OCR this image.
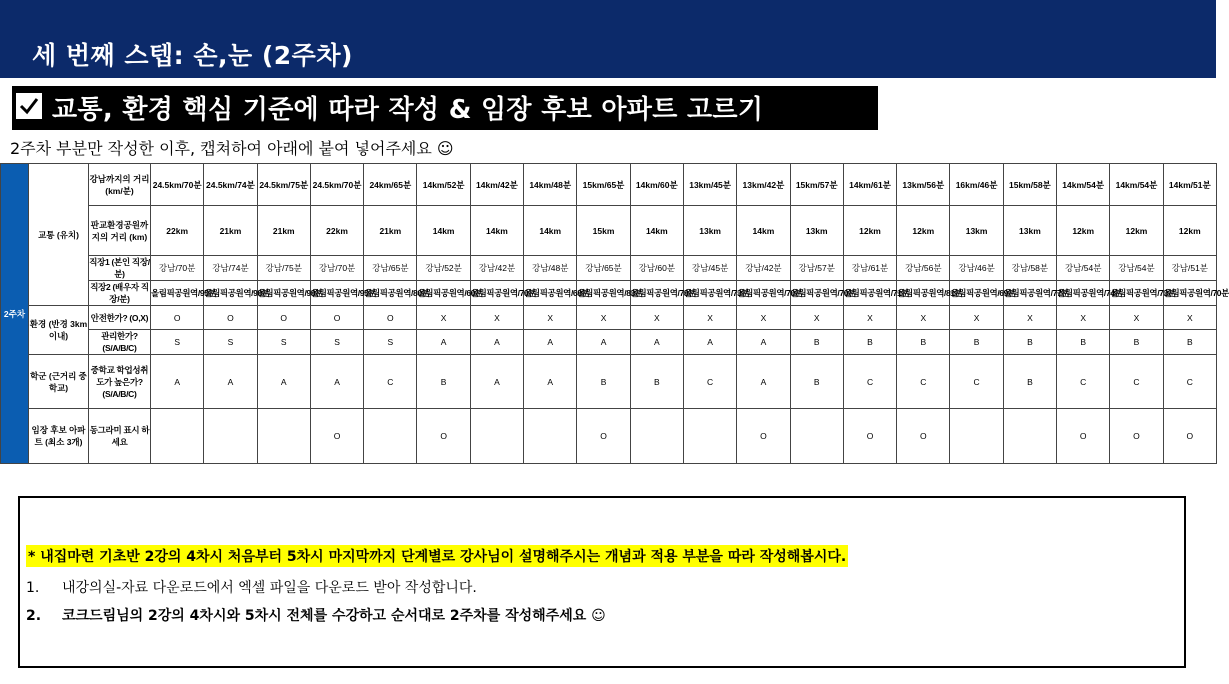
세 번째 스텝: 손,눈 (2주차)
교통, 환경 핵심 기준에 따라 작성 & 임장 후보 아파트 고르기
2주차 부분만 작성한 이후, 캡쳐하여 아래에 붙여 넣어주세요 ☺
2주차	교통 (유치)	강남까지의 거리 (km/분)	24.5km/70분	24.5km/74분	24.5km/75분	24.5km/70분	24km/65분	14km/52분	14km/42분	14km/48분	15km/65분	14km/60분	13km/45분	13km/42분	15km/57분	14km/61분	13km/56분	16km/46분	15km/58분	14km/54분	14km/54분	14km/51분
		판교환경공원까지의 거리 (km)	22km	21km	21km	22km	21km	14km	14km	14km	15km	14km	13km	14km	13km	12km	12km	13km	13km	12km	12km	12km
		직장1 (본인 직장/분)	강남/70분	강남/74분	강남/75분	강남/70분	강남/65분	강남/52분	강남/42분	강남/48분	강남/65분	강남/60분	강남/45분	강남/42분	강남/57분	강남/61분	강남/56분	강남/46분	강남/58분	강남/54분	강남/54분	강남/51분
		직장2 (배우자 직장/분)	올림픽공원역/95분	올림픽공원역/98분	올림픽공원역/98분	올림픽공원역/95분	올림픽공원역/80분	올림픽공원역/60분	올림픽공원역/70분	올림픽공원역/68분	올림픽공원역/83분	올림픽공원역/78분	올림픽공원역/73분	올림픽공원역/70분	올림픽공원역/70분	올림픽공원역/71분	올림픽공원역/81분	올림픽공원역/69분	올림픽공원역/77분	올림픽공원역/74분	올림픽공원역/73분	올림픽공원역/70분
	환경 (반경 3km이내)	안전한가? (O,X)	O	O	O	O	O	X	X	X	X	X	X	X	X	X	X	X	X	X	X	X
		관리한가? (S/A/B/C)	S	S	S	S	S	A	A	A	A	A	A	A	B	B	B	B	B	B	B	B
	학군 (근거리 중학교)	중학교 학업성취도가 높은가? (S/A/B/C)	A	A	A	A	C	B	A	A	B	B	C	A	B	C	C	C	B	C	C	C
	임장 후보 아파트 (최소 3개)	동그라미 표시 하세요				O		O			O			O		O	O			O	O	O
* 내집마련 기초반 2강의 4차시 처음부터 5차시 마지막까지 단계별로 강사님이 설명해주시는 개념과 적용 부분을 따라 작성해봅시다.
1. 내강의실-자료 다운로드에서 엑셀 파일을 다운로드 받아 작성합니다.
2. 코크드림님의 2강의 4차시와 5차시 전체를 수강하고 순서대로 2주차를 작성해주세요 ☺
